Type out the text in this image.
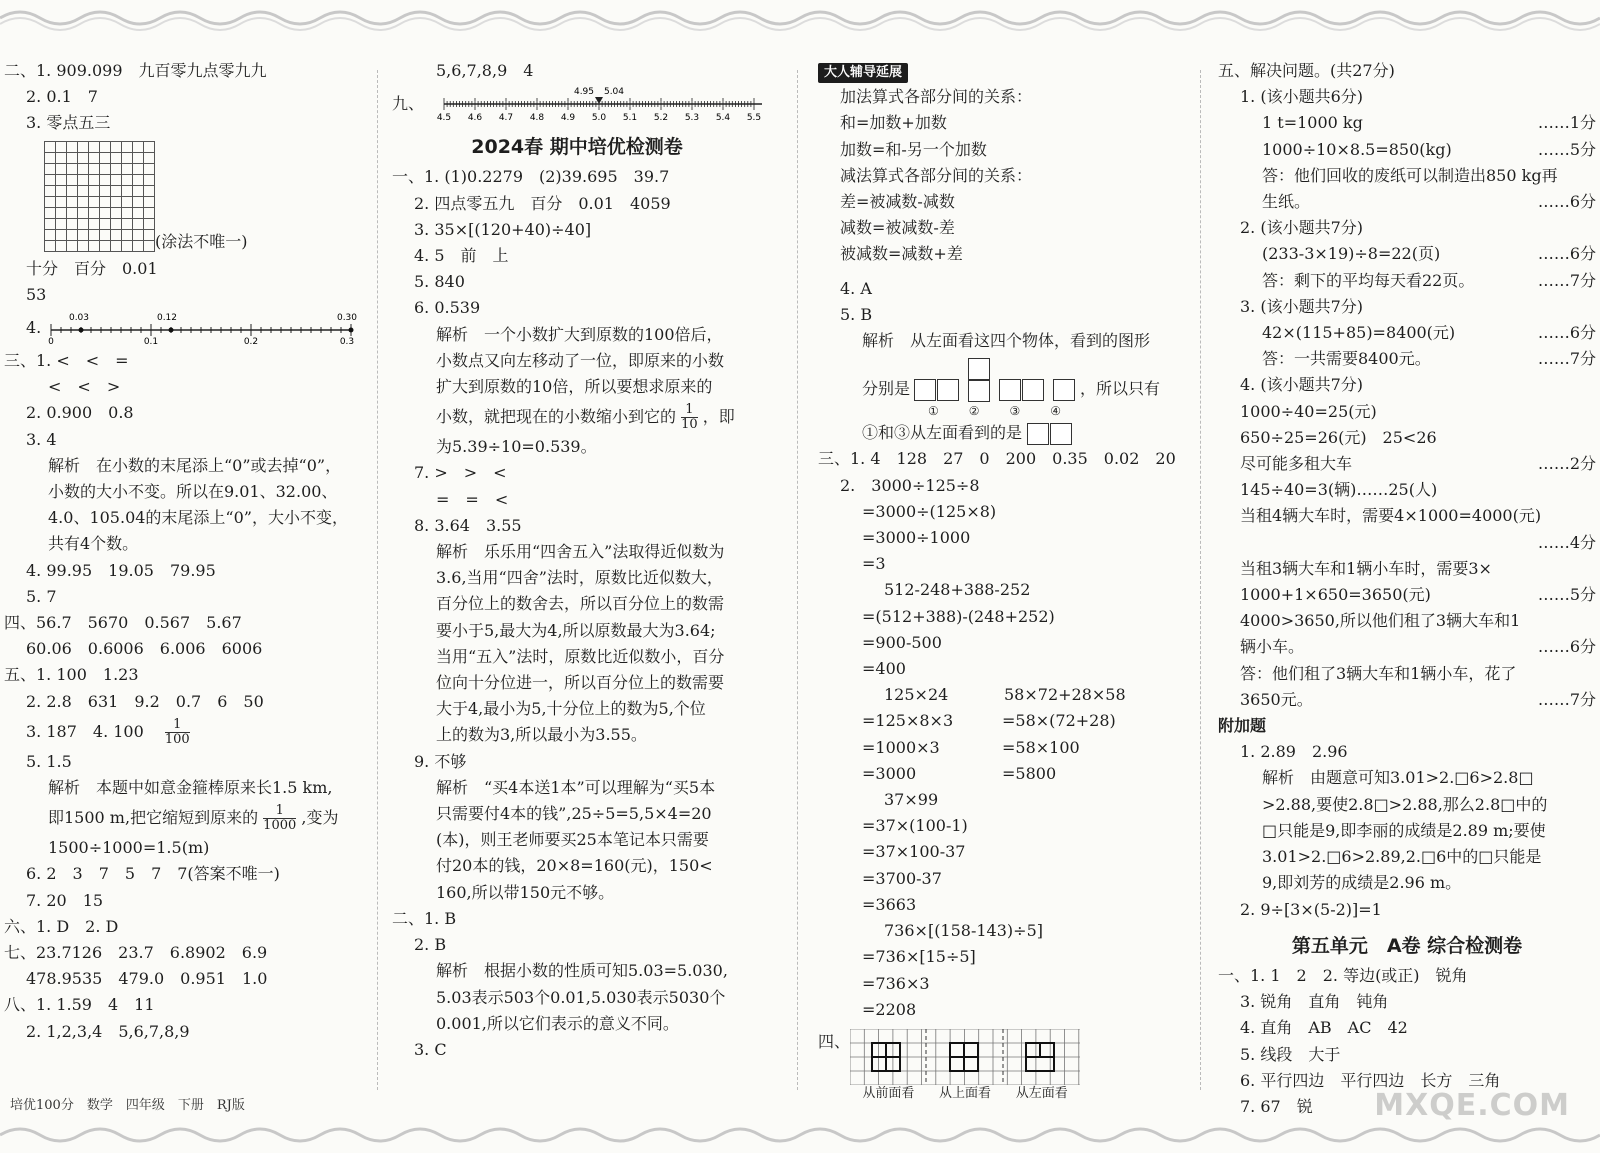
二、1. 909.099　九百零九点零九九
2. 0.1　7
3. 零点五三
(涂法不唯一)
十分　百分　0.01
53
4.	0.03	0.12	0.30
0	0.1	0.2	0.3
三、1. <　<　=
<　<　>
2. 0.900　0.8
3. 4
解析　在小数的末尾添上“0”或去掉“0”，
小数的大小不变。所以在9.01、32.00、
4.0、105.04的末尾添上“0”，大小不变，
共有4个数。
4. 99.95　19.05　79.95
5. 7
四、56.7　5670　0.567　5.67
60.06　0.6006　6.006　6006
五、1. 100　1.23
2. 2.8　631　9.2　0.7　6　50
3. 187　4. 100　 $\frac{1}{100}$
5. 1.5
解析　本题中如意金箍棒原来长1.5 km,
即1500 m,把它缩短到原来的 $\frac{1}{1000}$ ,变为
1500÷1000=1.5(m)
6. 2　3　7　5　7　7(答案不唯一)
7. 20　15
六、1. D　2. D
七、23.7126　23.7　6.8902　6.9
478.9535　479.0　0.951　1.0
八、1. 1.59　4　11
2. 1,2,3,4　5,6,7,8,9
5,6,7,8,9　4
九、
4.95 5.04
4.5 4.6 4.7 4.8 4.9 5.0 5.1 5.2 5.3 5.4 5.5
2024春 期中培优检测卷
一、1. (1)0.2279　(2)39.695　39.7
2. 四点零五九　百分　0.01　4059
3. 35×[(120+40)÷40]
4. 5　前　上
5. 840
6. 0.539
解析　一个小数扩大到原数的100倍后，
小数点又向左移动了一位，即原来的小数
扩大到原数的10倍，所以要想求原来的
小数，就把现在的小数缩小到它的 $\frac{1}{10}$ ，即
为5.39÷10=0.539。
7. >　>　<
=　=　<
8. 3.64　3.55
解析　乐乐用“四舍五入”法取得近似数为
3.6,当用“四舍”法时，原数比近似数大，
百分位上的数舍去，所以百分位上的数需
要小于5,最大为4,所以原数最大为3.64;
当用“五入”法时，原数比近似数小，百分
位向十分位进一，所以百分位上的数需要
大于4,最小为5,十分位上的数为5,个位
上的数为3,所以最小为3.55。
9. 不够
解析　“买4本送1本”可以理解为“买5本
只需要付4本的钱”,25÷5=5,5×4=20
(本)，则王老师要买25本笔记本只需要
付20本的钱，20×8=160(元)，150<
160,所以带150元不够。
二、1. B
2. B
解析　根据小数的性质可知5.03=5.030,
5.03表示503个0.01,5.030表示5030个
0.001,所以它们表示的意义不同。
3. C
大人辅导延展
加法算式各部分间的关系：
和=加数+加数
加数=和-另一个加数
减法算式各部分间的关系：
差=被减数-减数
减数=被减数-差
被减数=减数+差
4. A
5. B
解析　从左面看这四个物体，看到的图形
分别是	，所以只有
①	②	③	④
①和③从左面看到的是
三、1. 4　128　27　0　200　0.35　0.02　20
2.　3000÷125÷8
=3000÷(125×8)
=3000÷1000
=3
512-248+388-252
=(512+388)-(248+252)
=900-500
=400
125×24	58×72+28×58
=125×8×3	=58×(72+28)
=1000×3	=58×100
=3000	=5800
37×99
=37×(100-1)
=37×100-37
=3700-37
=3663
736×[(158-143)÷5]
=736×[15÷5]
=736×3
=2208
四、
从前面看	从上面看	从左面看
五、解决问题。(共27分)
1. (该小题共6分)
1 t=1000 kg	……1分
1000÷10×8.5=850(kg)	……5分
答：他们回收的废纸可以制造出850 kg再
生纸。	……6分
2. (该小题共7分)
(233-3×19)÷8=22(页)	……6分
答：剩下的平均每天看22页。	……7分
3. (该小题共7分)
42×(115+85)=8400(元)	……6分
答：一共需要8400元。	……7分
4. (该小题共7分)
1000÷40=25(元)
650÷25=26(元)　25<26
尽可能多租大车	……2分
145÷40=3(辆)……25(人)
当租4辆大车时，需要4×1000=4000(元)
……4分

当租3辆大车和1辆小车时，需要3×
1000+1×650=3650(元)	……5分
4000>3650,所以他们租了3辆大车和1
辆小车。	……6分
答：他们租了3辆大车和1辆小车，花了
3650元。	……7分
附加题
1. 2.89　2.96
解析　由题意可知3.01>2.□6>2.8□
>2.88,要使2.8□>2.88,那么2.8□中的
□只能是9,即李丽的成绩是2.89 m;要使
3.01>2.□6>2.89,2.□6中的□只能是
9,即刘芳的成绩是2.96 m。
2. 9÷[3×(5-2)]=1
第五单元　A卷 综合检测卷
一、1. 1　2　2. 等边(或正)　锐角
3. 锐角　直角　钝角
4. 直角　AB　AC　42
5. 线段　大于
6. 平行四边　平行四边　长方　三角
7. 67　锐
培优100分　数学　四年级　下册　RJ版	MXQE.COM
